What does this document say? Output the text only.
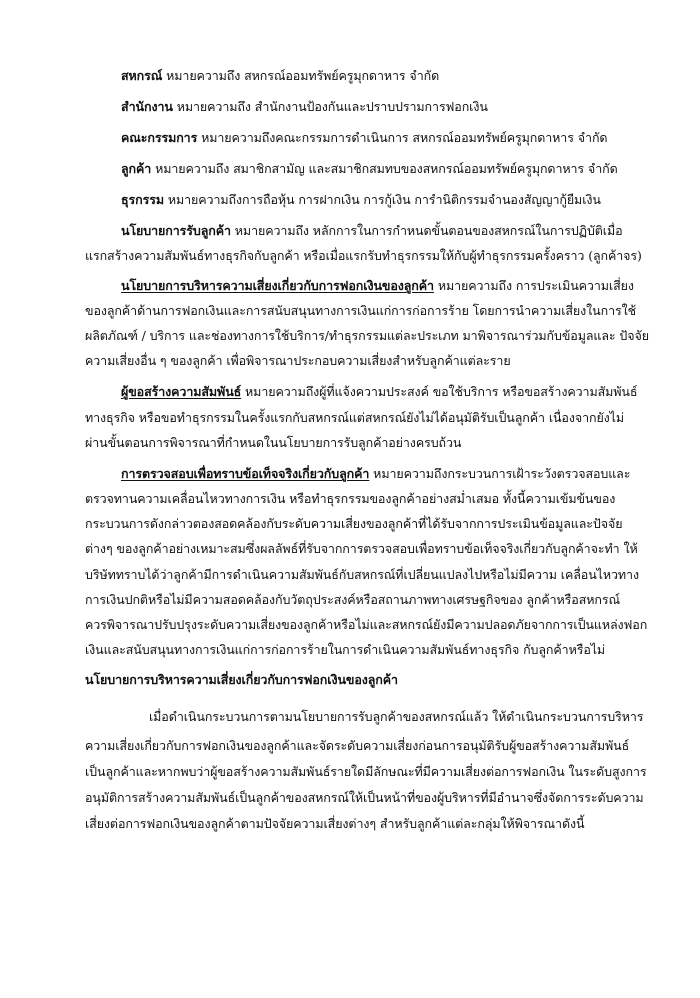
สหกรณ์ หมายความถึง สหกรณ์ออมทรัพย์ครูมุกดาหาร จำกัด
สำนักงาน หมายความถึง สำนักงานป้องกันและปราบปรามการฟอกเงิน
คณะกรรมการ หมายความถึงคณะกรรมการดำเนินการ สหกรณ์ออมทรัพย์ครูมุกดาหาร จำกัด
ลูกค้า หมายความถึง สมาชิกสามัญ และสมาชิกสมทบของสหกรณ์ออมทรัพย์ครูมุกดาหาร จำกัด
ธุรกรรม หมายความถึงการถือหุ้น การฝากเงิน การกู้เงิน การำนิติกรรมจำนองสัญญากู้ยืมเงิน
นโยบายการรับลูกค้า หมายความถึง หลักการในการกำหนดขั้นตอนของสหกรณ์ในการปฏิบัติเมื่อ
แรกสร้างความสัมพันธ์ทางธุรกิจกับลูกค้า หรือเมื่อแรกรับทำธุรกรรมให้กับผู้ทำธุรกรรมครั้งคราว (ลูกค้าจร)
นโยบายการบริหารความเสี่ยงเกี่ยวกับการฟอกเงินของลูกค้า หมายความถึง การประเมินความเสี่ยง
ของลูกค้าด้านการฟอกเงินและการสนับสนุนทางการเงินแก่การก่อการร้าย โดยการนำความเสี่ยงในการใช้
ผลิตภัณฑ์ / บริการ และช่องทางการใช้บริการ/ทำธุรกรรมแต่ละประเภท มาพิจารณาร่วมกับข้อมูลและ ปัจจัย
ความเสี่ยงอื่น ๆ ของลูกค้า เพื่อพิจารณาประกอบความเสี่ยงสำหรับลูกค้าแต่ละราย
ผู้ขอสร้างความสัมพันธ์ หมายความถึงผู้ที่แจ้งความประสงค์ ขอใช้บริการ หรือขอสร้างความสัมพันธ์
ทางธุรกิจ หรือขอทำธุรกรรมในครั้งแรกกับสหกรณ์แต่สหกรณ์ยังไม่ได้อนุมัติรับเป็นลูกค้า เนื่องจากยังไม่
ผ่านขั้นตอนการพิจารณาที่กำหนดในนโยบายการรับลูกค้าอย่างครบถ้วน
การตรวจสอบเพื่อทราบข้อเท็จจริงเกี่ยวกับลูกค้า หมายความถึงกระบวนการเฝ้าระวังตรวจสอบและ
ตรวจทานความเคลื่อนไหวทางการเงิน หรือทำธุรกรรมของลูกค้าอย่างสม่ำเสมอ ทั้งนี้ความเข้มข้นของ
กระบวนการดังกล่าวตองสอดคล้องกับระดับความเสี่ยงของลูกค้าที่ได้รับจากการประเมินข้อมูลและปัจจัย
ต่างๆ ของลูกค้าอย่างเหมาะสมซึ่งผลลัพธ์ที่รับจากการตรวจสอบเพื่อทราบข้อเท็จจริงเกี่ยวกับลูกค้าจะทำ ให้
บริษัททราบได้ว่าลูกค้ามีการดำเนินความสัมพันธ์กับสหกรณ์ที่เปลี่ยนแปลงไปหรือไม่มีความ เคลื่อนไหวทาง
การเงินปกติหรือไม่มีความสอดคล้องกับวัตถุประสงค์หรือสถานภาพทางเศรษฐกิจของ ลูกค้าหรือสหกรณ์
ควรพิจารณาปรับปรุงระดับความเสี่ยงของลูกค้าหรือไม่และสหกรณ์ยังมีความปลอดภัยจากการเป็นแหล่งฟอก
เงินและสนับสนุนทางการเงินแก่การก่อการร้ายในการดำเนินความสัมพันธ์ทางธุรกิจ กับลูกค้าหรือไม่
นโยบายการบริหารความเสี่ยงเกี่ยวกับการฟอกเงินของลูกค้า
เมื่อดำเนินกระบวนการตามนโยบายการรับลูกค้าของสหกรณ์แล้ว ให้ดำเนินกระบวนการบริหาร
ความเสี่ยงเกี่ยวกับการฟอกเงินของลูกค้าและจัดระดับความเสี่ยงก่อนการอนุมัติรับผู้ขอสร้างความสัมพันธ์
เป็นลูกค้าและหากพบว่าผู้ขอสร้างความสัมพันธ์รายใดมีลักษณะที่มีความเสี่ยงต่อการฟอกเงิน ในระดับสูงการ
อนุมัติการสร้างความสัมพันธ์เป็นลูกค้าของสหกรณ์ให้เป็นหน้าที่ของผู้บริหารที่มีอำนาจซึ่งจัดการระดับความ
เสี่ยงต่อการฟอกเงินของลูกค้าตามปัจจัยความเสี่ยงต่างๆ สำหรับลูกค้าแต่ละกลุ่มให้พิจารณาดังนี้
